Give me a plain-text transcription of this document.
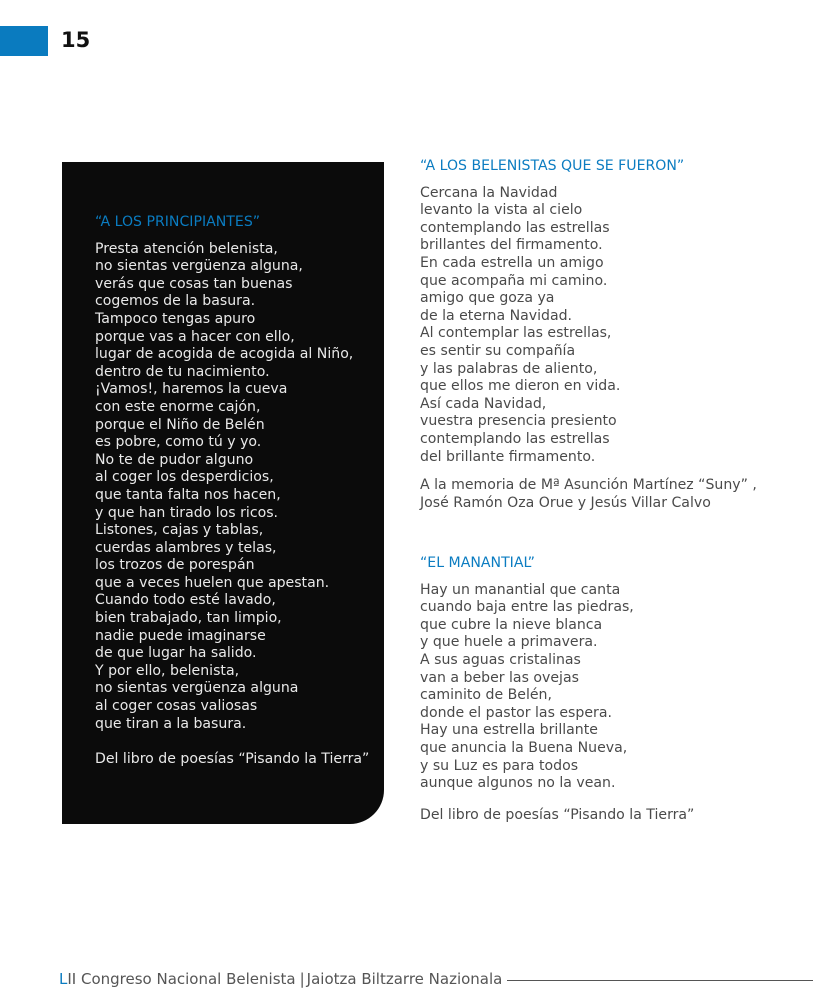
15
“A LOS PRINCIPIANTES”
Presta atención belenista,
no sientas vergüenza alguna,
verás que cosas tan buenas
cogemos de la basura.
Tampoco tengas apuro
porque vas a hacer con ello,
lugar de acogida de acogida al Niño,
dentro de tu nacimiento.
¡Vamos!, haremos la cueva
con este enorme cajón,
porque el Niño de Belén
es pobre, como tú y yo.
No te de pudor alguno
al coger los desperdicios,
que tanta falta nos hacen,
y que han tirado los ricos.
Listones, cajas y tablas,
cuerdas alambres y telas,
los trozos de porespán
que a veces huelen que apestan.
Cuando todo esté lavado,
bien trabajado, tan limpio,
nadie puede imaginarse
de que lugar ha salido.
Y por ello, belenista,
no sientas vergüenza alguna
al coger cosas valiosas
que tiran a la basura.
Del libro de poesías “Pisando la Tierra”
“A LOS BELENISTAS QUE SE FUERON”
Cercana la Navidad
levanto la vista al cielo
contemplando las estrellas
brillantes del firmamento.
En cada estrella un amigo
que acompaña mi camino.
amigo que goza ya
de la eterna Navidad.
Al contemplar las estrellas,
es sentir su compañía
y las palabras de aliento,
que ellos me dieron en vida.
Así cada Navidad,
vuestra presencia presiento
contemplando las estrellas
del brillante firmamento.
A la memoria de Mª Asunción Martínez “Suny” ,
José Ramón Oza Orue y Jesús Villar Calvo
“EL MANANTIAL”
Hay un manantial que canta
cuando baja entre las piedras,
que cubre la nieve blanca
y que huele a primavera.
A sus aguas cristalinas
van a beber las ovejas
caminito de Belén,
donde el pastor las espera.
Hay una estrella brillante
que anuncia la Buena Nueva,
y su Luz es para todos
aunque algunos no la vean.
Del libro de poesías “Pisando la Tierra”
LII Congreso Nacional Belenista | Jaiotza Biltzarre Nazionala
